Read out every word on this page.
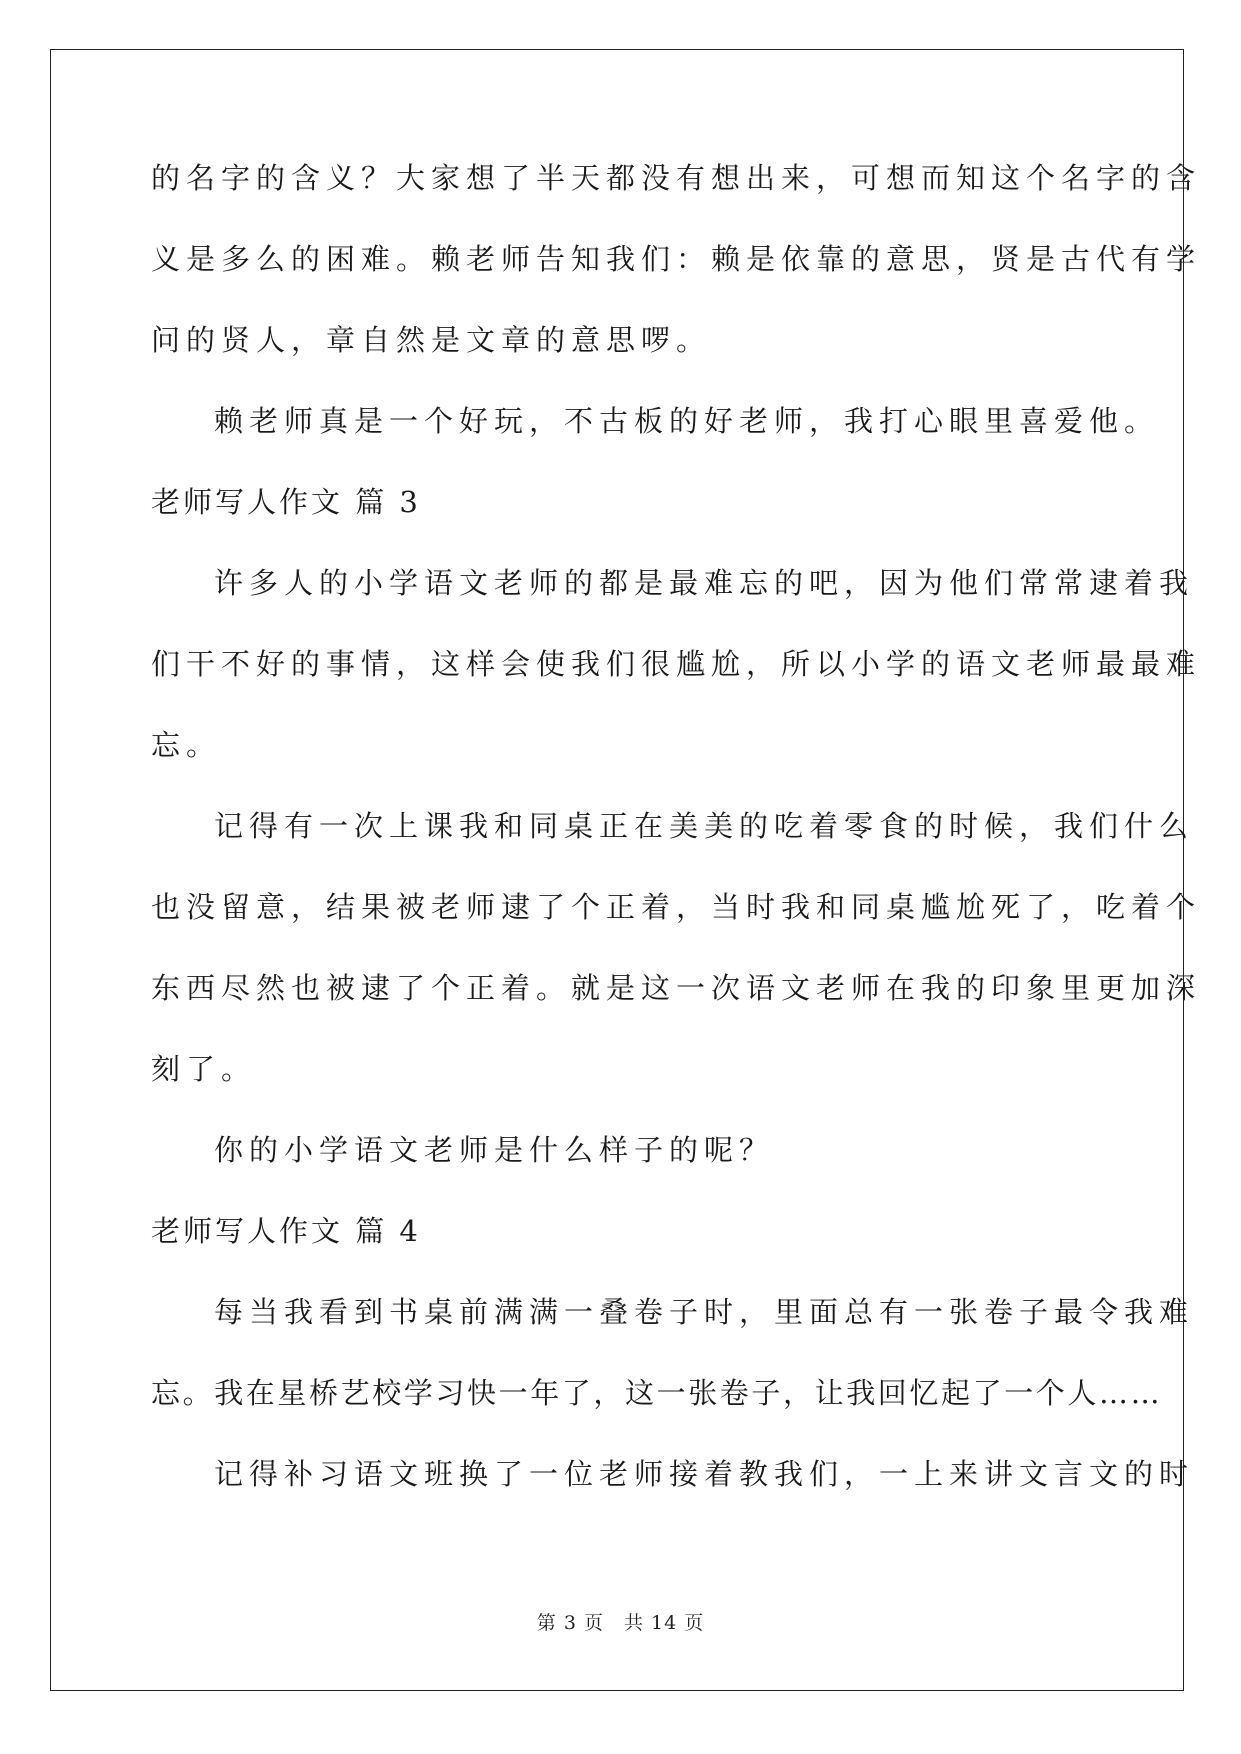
的名字的含义？大家想了半天都没有想出来，可想而知这个名字的含
义是多么的困难。赖老师告知我们：赖是依靠的意思，贤是古代有学
问的贤人，章自然是文章的意思啰。
赖老师真是一个好玩，不古板的好老师，我打心眼里喜爱他。
老师写人作文 篇 3
许多人的小学语文老师的都是最难忘的吧，因为他们常常逮着我
们干不好的事情，这样会使我们很尴尬，所以小学的语文老师最最难
忘。
记得有一次上课我和同桌正在美美的吃着零食的时候，我们什么
也没留意，结果被老师逮了个正着，当时我和同桌尴尬死了，吃着个
东西尽然也被逮了个正着。就是这一次语文老师在我的印象里更加深
刻了。
你的小学语文老师是什么样子的呢？
老师写人作文 篇 4
每当我看到书桌前满满一叠卷子时，里面总有一张卷子最令我难
忘。我在星桥艺校学习快一年了，这一张卷子，让我回忆起了一个人……
记得补习语文班换了一位老师接着教我们，一上来讲文言文的时
第 3 页 共 14 页
